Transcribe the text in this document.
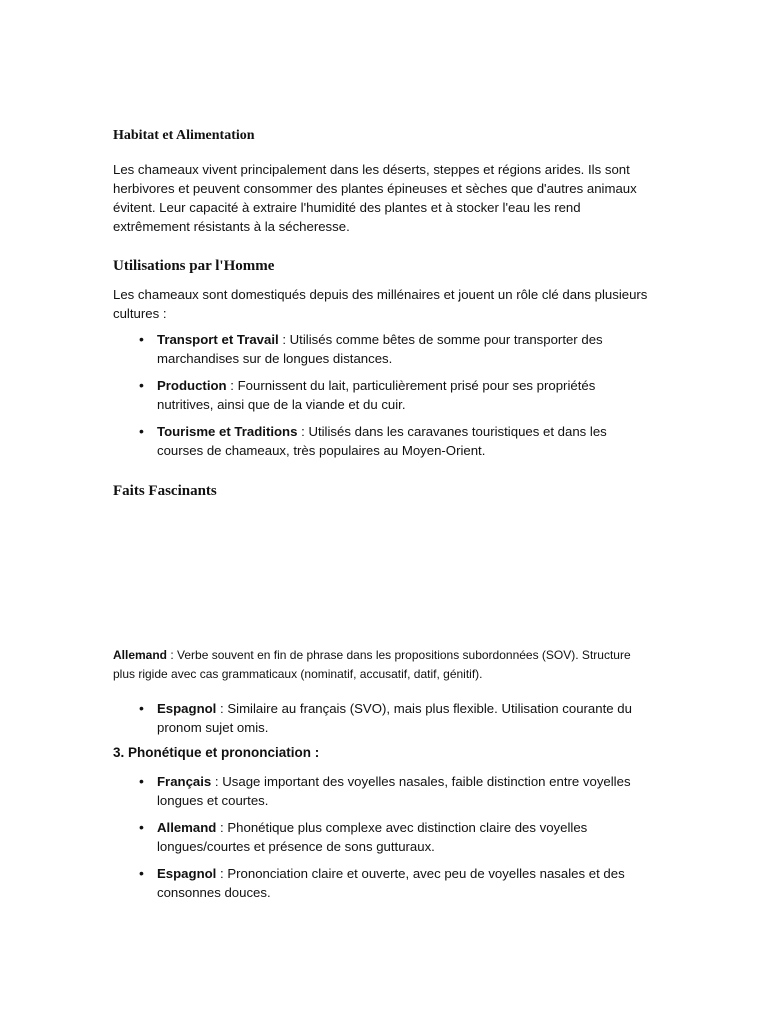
Habitat et Alimentation

Les chameaux vivent principalement dans les déserts, steppes et régions arides. Ils sont herbivores et peuvent consommer des plantes épineuses et sèches que d'autres animaux évitent. Leur capacité à extraire l'humidité des plantes et à stocker l'eau les rend extrêmement résistants à la sécheresse.

Utilisations par l'Homme

Les chameaux sont domestiqués depuis des millénaires et jouent un rôle clé dans plusieurs cultures :

• Transport et Travail : Utilisés comme bêtes de somme pour transporter des marchandises sur de longues distances.
• Production : Fournissent du lait, particulièrement prisé pour ses propriétés nutritives, ainsi que de la viande et du cuir.
• Tourisme et Traditions : Utilisés dans les caravanes touristiques et dans les courses de chameaux, très populaires au Moyen-Orient.
Faits Fascinants

Allemand : Verbe souvent en fin de phrase dans les propositions subordonnées (SOV). Structure plus rigide avec cas grammaticaux (nominatif, accusatif, datif, génitif).

• Espagnol : Similaire au français (SVO), mais plus flexible. Utilisation courante du pronom sujet omis.
3. Phonétique et prononciation :
• Français : Usage important des voyelles nasales, faible distinction entre voyelles longues et courtes.
• Allemand : Phonétique plus complexe avec distinction claire des voyelles longues/courtes et présence de sons gutturaux.
• Espagnol : Prononciation claire et ouverte, avec peu de voyelles nasales et des consonnes douces.
